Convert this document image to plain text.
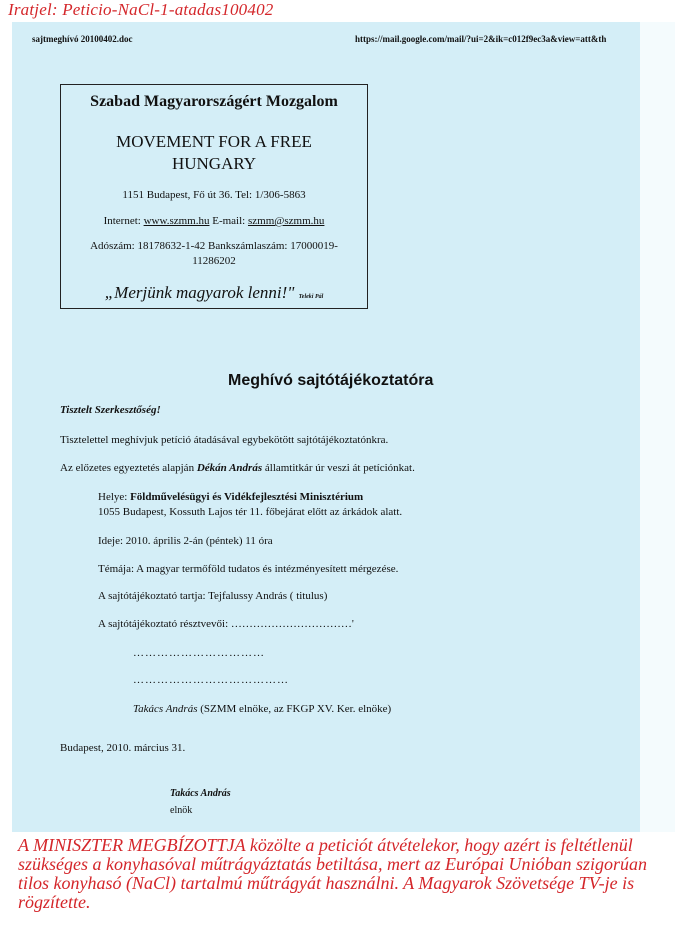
Iratjel: Peticio-NaCl-1-atadas100402
sajtmeghívó 20100402.doc	https://mail.google.com/mail/?ui=2&ik=c012f9ec3a&view=att&th
Szabad Magyarországért Mozgalom
MOVEMENT FOR A FREE HUNGARY
1151 Budapest, Fő út 36. Tel: 1/306-5863
Internet: www.szmm.hu E-mail: szmm@szmm.hu
Adószám: 18178632-1-42 Bankszámlaszám: 17000019-11286202
„Merjünk magyarok lenni!" Teleki Pál
Meghívó sajtótájékoztatóra
Tisztelt Szerkesztőség!
Tisztelettel meghívjuk petíció átadásával egybekötött sajtótájékoztatónkra.
Az előzetes egyeztetés alapján Dékán András államtitkár úr veszi át petíciónkat.
Helye: Földművelésügyi és Vidékfejlesztési Minisztérium
1055 Budapest, Kossuth Lajos tér 11. főbejárat előtt az árkádok alatt.
Ideje: 2010. április 2-án (péntek) 11 óra
Témája: A magyar termőföld tudatos és intézményesített mérgezése.
A sajtótájékoztató tartja: Tejfalussy András ( titulus)
A sajtótájékoztató résztvevői: ……………………………'
……………………………
…………………………………
Takács András (SZMM elnöke, az FKGP XV. Ker. elnöke)
Budapest, 2010. március 31.
Takács András
elnök
A MINISZTER MEGBÍZOTTJA közölte a peticiót átvételekor, hogy azért is feltétlenül szükséges a konyhasóval műtrágyáztatás betiltása, mert az Európai Unióban szigorúan tilos konyhasó (NaCl) tartalmú műtrágyát használni. A Magyarok Szövetsége TV-je is rögzítette.
